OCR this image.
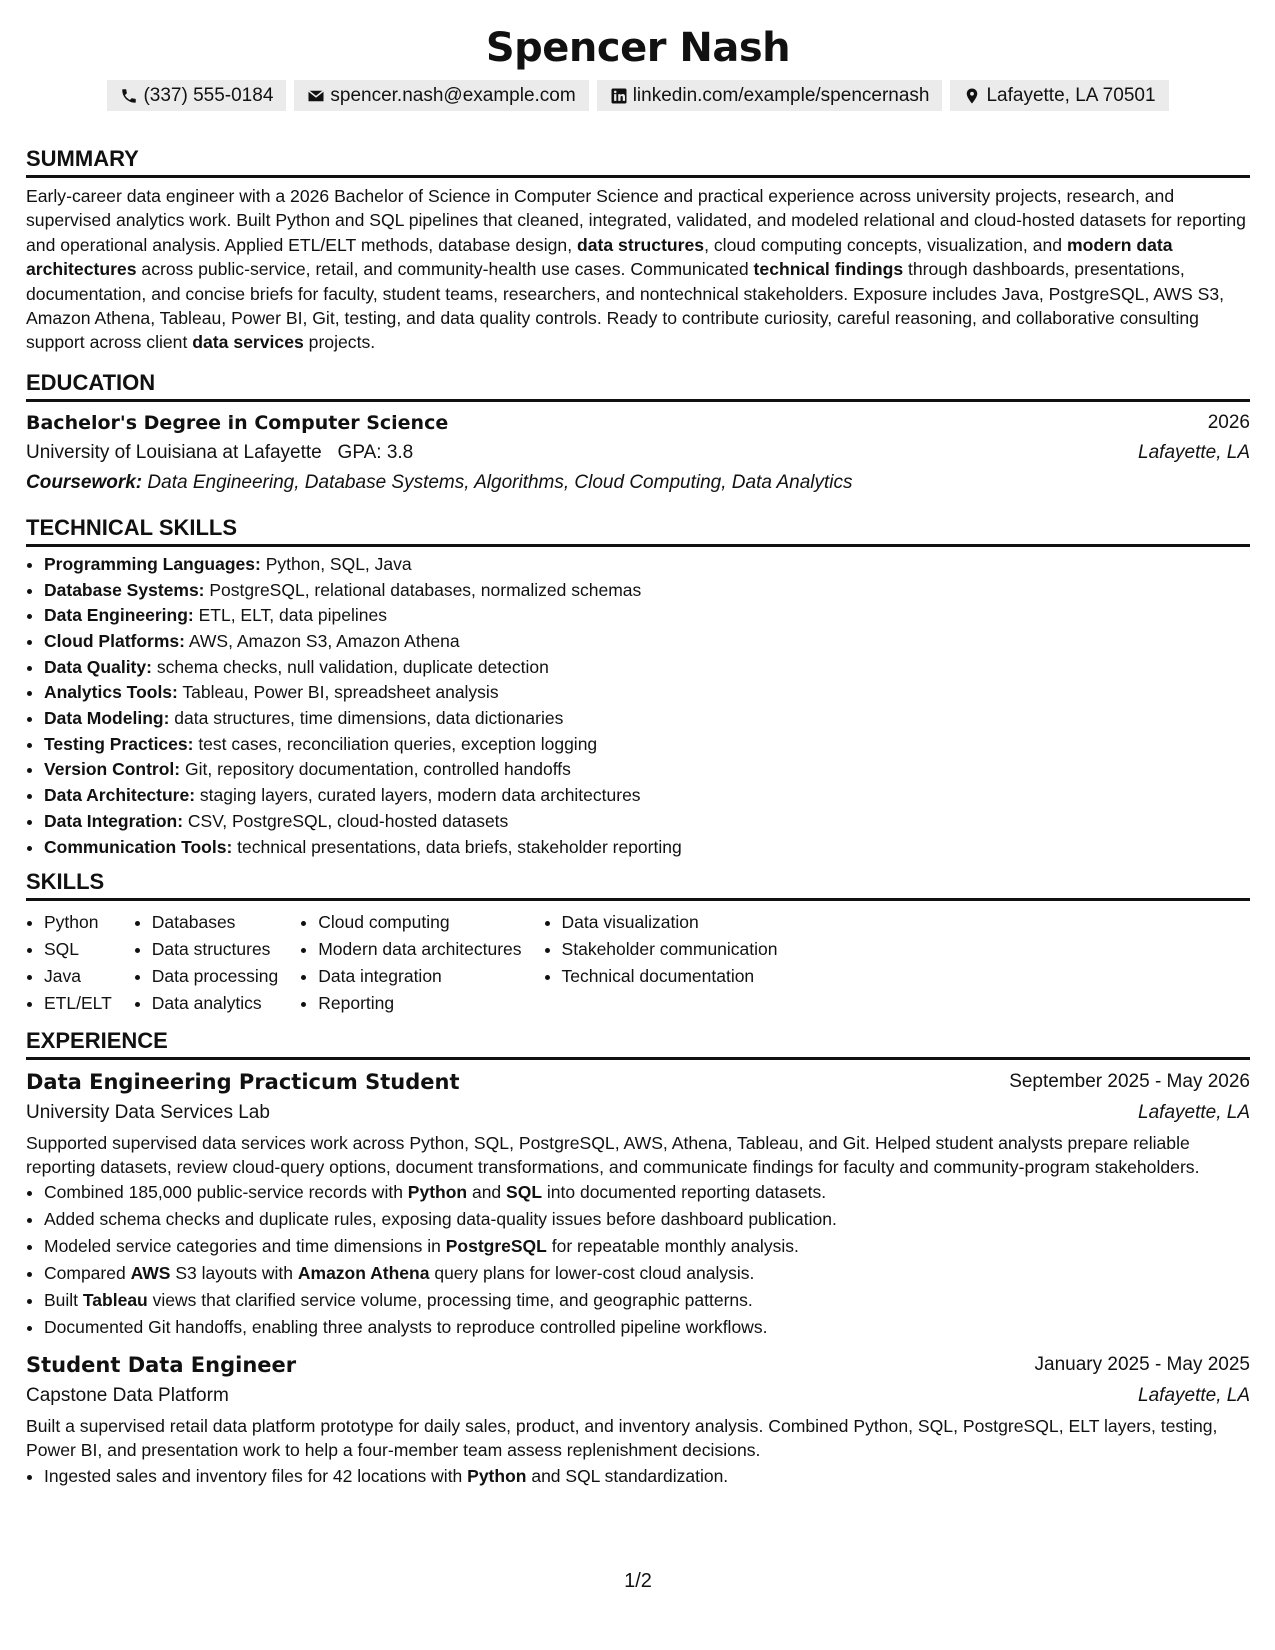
Spencer Nash
(337) 555-0184	spencer.nash@example.com	linkedin.com/example/spencernash	Lafayette, LA 70501
SUMMARY

Early-career data engineer with a 2026 Bachelor of Science in Computer Science and practical experience across university projects, research, and supervised analytics work. Built Python and SQL pipelines that cleaned, integrated, validated, and modeled relational and cloud-hosted datasets for reporting and operational analysis. Applied ETL/ELT methods, database design, data structures, cloud computing concepts, visualization, and modern data architectures across public-service, retail, and community-health use cases. Communicated technical findings through dashboards, presentations, documentation, and concise briefs for faculty, student teams, researchers, and nontechnical stakeholders. Exposure includes Java, PostgreSQL, AWS S3, Amazon Athena, Tableau, Power BI, Git, testing, and data quality controls. Ready to contribute curiosity, careful reasoning, and collaborative consulting support across client data services projects.

EDUCATION
Bachelor's Degree in Computer Science	2026
University of Louisiana at Lafayette   GPA: 3.8	Lafayette, LA
Coursework: Data Engineering, Database Systems, Algorithms, Cloud Computing, Data Analytics
TECHNICAL SKILLS
• Programming Languages: Python, SQL, Java
• Database Systems: PostgreSQL, relational databases, normalized schemas
• Data Engineering: ETL, ELT, data pipelines
• Cloud Platforms: AWS, Amazon S3, Amazon Athena
• Data Quality: schema checks, null validation, duplicate detection
• Analytics Tools: Tableau, Power BI, spreadsheet analysis
• Data Modeling: data structures, time dimensions, data dictionaries
• Testing Practices: test cases, reconciliation queries, exception logging
• Version Control: Git, repository documentation, controlled handoffs
• Data Architecture: staging layers, curated layers, modern data architectures
• Data Integration: CSV, PostgreSQL, cloud-hosted datasets
• Communication Tools: technical presentations, data briefs, stakeholder reporting
SKILLS
• Python
• SQL
• Java
• ETL/ELT
• Databases
• Data structures
• Data processing
• Data analytics
• Cloud computing
• Modern data architectures
• Data integration
• Reporting
• Data visualization
• Stakeholder communication
• Technical documentation
EXPERIENCE
Data Engineering Practicum Student	September 2025 - May 2026
University Data Services Lab	Lafayette, LA

Supported supervised data services work across Python, SQL, PostgreSQL, AWS, Athena, Tableau, and Git. Helped student analysts prepare reliable reporting datasets, review cloud-query options, document transformations, and communicate findings for faculty and community-program stakeholders.

• Combined 185,000 public-service records with Python and SQL into documented reporting datasets.
• Added schema checks and duplicate rules, exposing data-quality issues before dashboard publication.
• Modeled service categories and time dimensions in PostgreSQL for repeatable monthly analysis.
• Compared AWS S3 layouts with Amazon Athena query plans for lower-cost cloud analysis.
• Built Tableau views that clarified service volume, processing time, and geographic patterns.
• Documented Git handoffs, enabling three analysts to reproduce controlled pipeline workflows.
Student Data Engineer	January 2025 - May 2025
Capstone Data Platform	Lafayette, LA

Built a supervised retail data platform prototype for daily sales, product, and inventory analysis. Combined Python, SQL, PostgreSQL, ELT layers, testing, Power BI, and presentation work to help a four-member team assess replenishment decisions.

• Ingested sales and inventory files for 42 locations with Python and SQL standardization.
1/2
